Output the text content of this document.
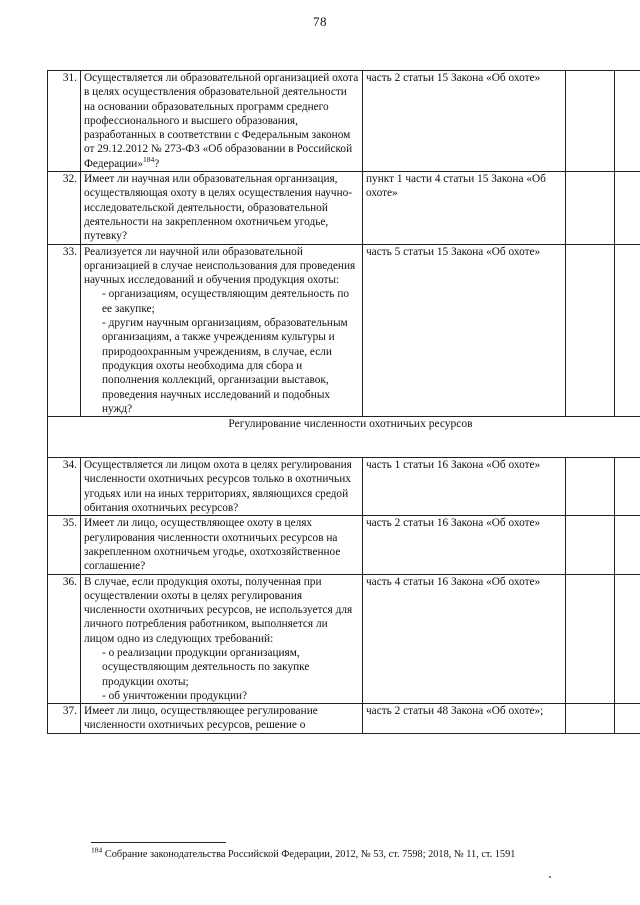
78
31.	Осуществляется ли образовательной организацией охота в целях осуществления образовательной деятельности на основании образовательных программ среднего профессионального и высшего образования, разработанных в соответствии с Федеральным законом от 29.12.2012 № 273-ФЗ «Об образовании в Российской Федерации»$^{184}$?	часть 2 статьи 15 Закона «Об охоте»		
32.	Имеет ли научная или образовательная организация, осуществляющая охоту в целях осуществления научно-исследовательской деятельности, образовательной деятельности на закрепленном охотничьем угодье, путевку?	пункт 1 части 4 статьи 15 Закона «Об охоте»		
33.	Реализуется ли научной или образовательной организацией в случае неиспользования для проведения научных исследований и обучения продукция охоты:
- организациям, осуществляющим деятельность по ее закупке;
- другим научным организациям, образовательным организациям, а также учреждениям культуры и природоохранным учреждениям, в случае, если продукция охоты необходима для сбора и пополнения коллекций, организации выставок, проведения научных исследований и подобных нужд?	часть 5 статьи 15 Закона «Об охоте»		
Регулирование численности охотничьих ресурсов				
34.	Осуществляется ли лицом охота в целях регулирования численности охотничьих ресурсов только в охотничьих угодьях или на иных территориях, являющихся средой обитания охотничьих ресурсов?	часть 1 статьи 16 Закона «Об охоте»		
35.	Имеет ли лицо, осуществляющее охоту в целях регулирования численности охотничьих ресурсов на закрепленном охотничьем угодье, охотхозяйственное соглашение?	часть 2 статьи 16 Закона «Об охоте»		
36.	В случае, если продукция охоты, полученная при осуществлении охоты в целях регулирования численности охотничьих ресурсов, не используется для личного потребления работником, выполняется ли лицом одно из следующих требований:
- о реализации продукции организациям, осуществляющим деятельность по закупке продукции охоты;
- об уничтожении продукции?	часть 4 статьи 16 Закона «Об охоте»		
37.	Имеет ли лицо, осуществляющее регулирование численности охотничьих ресурсов, решение о	часть 2 статьи 48 Закона «Об охоте»;		
$^{184}$ Собрание законодательства Российской Федерации, 2012, № 53, ст. 7598; 2018, № 11, ст. 1591
